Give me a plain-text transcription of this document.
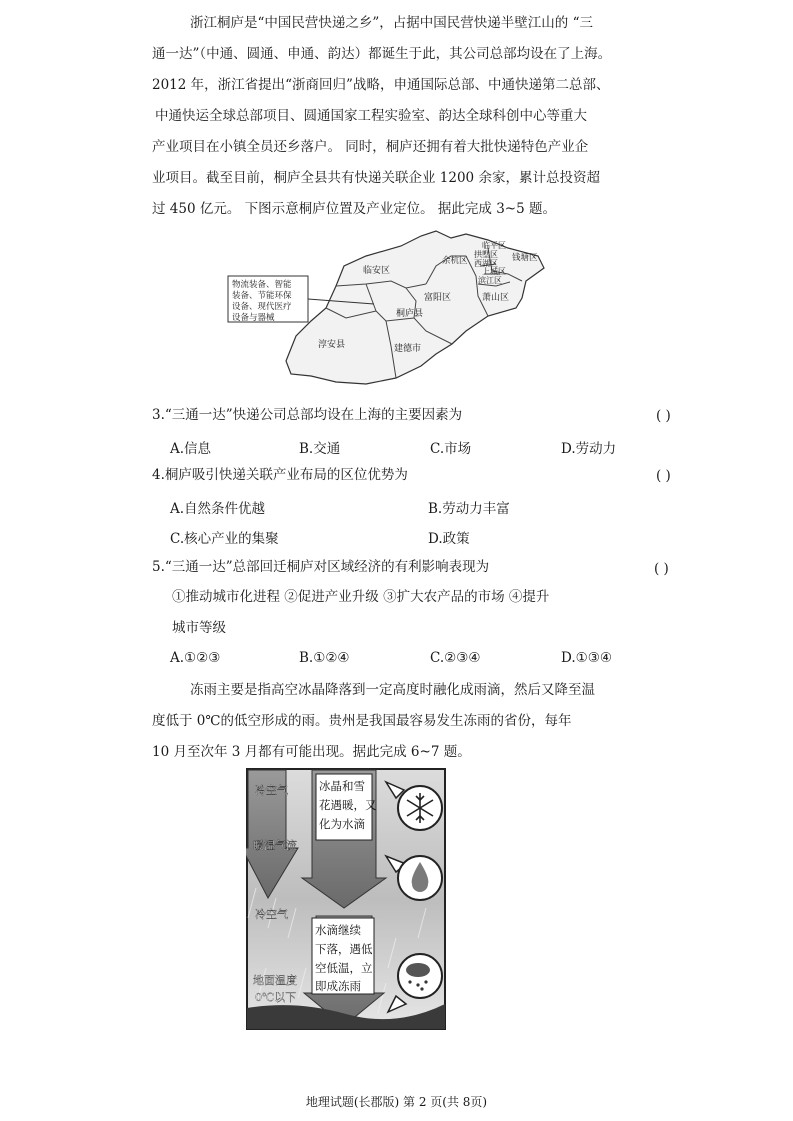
浙江桐庐是“中国民营快递之乡”，占据中国民营快递半壁江山的 “三
通一达”（中通、圆通、申通、韵达）都诞生于此，其公司总部均设在了上海。
2012 年，浙江省提出“浙商回归”战略，申通国际总部、中通快递第二总部、
中通快运全球总部项目、圆通国家工程实验室、韵达全球科创中心等重大
产业项目在小镇全员还乡落户。 同时，桐庐还拥有着大批快递特色产业企
业项目。截至目前，桐庐全县共有快递关联企业 1200 余家，累计总投资超
过 450 亿元。 下图示意桐庐位置及产业定位。 据此完成 3~5 题。
物流装备、智能
装备、节能环保
设备、现代医疗
设备与器械
临安区
余杭区
临平区
拱墅区
西湖区
上城区
滨江区
钱塘区
富阳区	萧山区
桐庐县
淳安县	建德市
3.“三通一达”快递公司总部均设在上海的主要因素为	( )
A.信息	B.交通	C.市场	D.劳动力
4.桐庐吸引快递关联产业布局的区位优势为	( )
A.自然条件优越	B.劳动力丰富
C.核心产业的集聚	D.政策
5.“三通一达”总部回迁桐庐对区域经济的有利影响表现为	( )
①推动城市化进程 ②促进产业升级 ③扩大农产品的市场 ④提升
城市等级
A.①②③	B.①②④	C.②③④	D.①③④
冻雨主要是指高空冰晶降落到一定高度时融化成雨滴，然后又降至温
度低于 0℃的低空形成的雨。贵州是我国最容易发生冻雨的省份，每年
10 月至次年 3 月都有可能出现。据此完成 6~7 题。
冰晶和雪
花遇暖，又
化为水滴
水滴继续
下落，遇低
空低温，立
即成冻雨
冷空气
暖湿气流
冷空气
地面温度
0℃以下
地理试题(长郡版) 第 2 页(共 8页)
